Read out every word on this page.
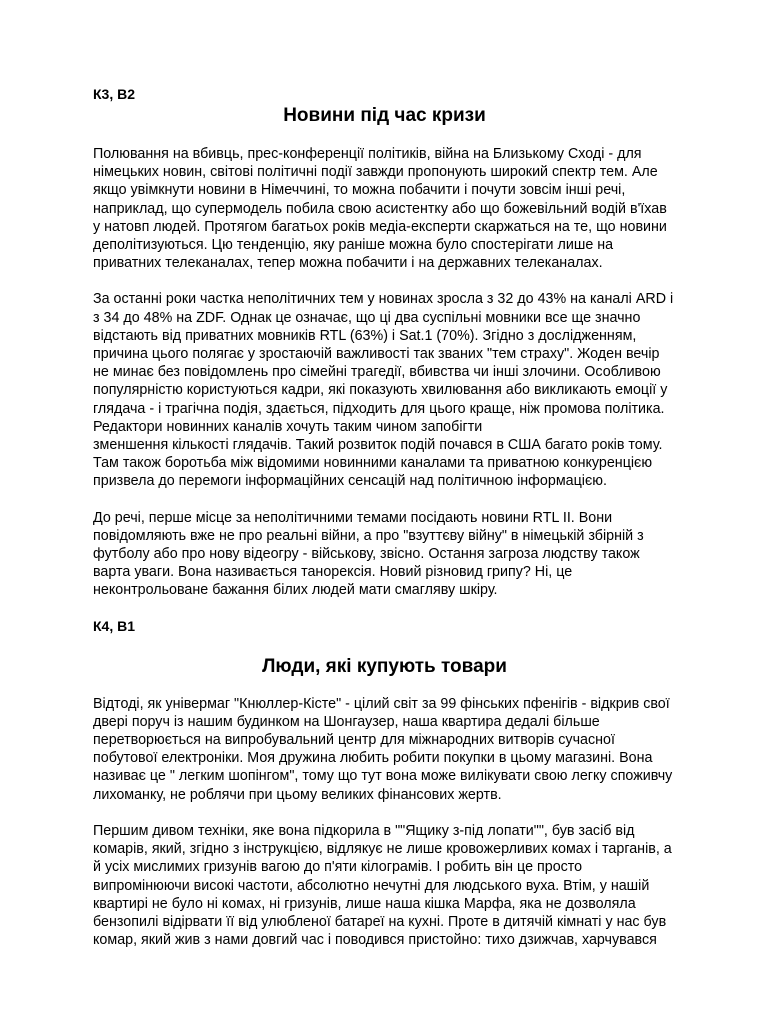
К3, В2

Новини під час кризи

Полювання на вбивць, прес-конференції політиків, війна на Близькому Сході - для
німецьких новин, світові політичні події завжди пропонують широкий спектр тем. Але
якщо увімкнути новини в Німеччині, то можна побачити і почути зовсім інші речі,
наприклад, що супермодель побила свою асистентку або що божевільний водій в'їхав
у натовп людей. Протягом багатьох років медіа-експерти скаржаться на те, що новини
деполітизуються. Цю тенденцію, яку раніше можна було спостерігати лише на
приватних телеканалах, тепер можна побачити і на державних телеканалах.

За останні роки частка неполітичних тем у новинах зросла з 32 до 43% на каналі ARD і
з 34 до 48% на ZDF. Однак це означає, що ці два суспільні мовники все ще значно
відстають від приватних мовників RTL (63%) і Sat.1 (70%). Згідно з дослідженням,
причина цього полягає у зростаючій важливості так званих "тем страху". Жоден вечір
не минає без повідомлень про сімейні трагедії, вбивства чи інші злочини. Особливою
популярністю користуються кадри, які показують хвилювання або викликають емоції у
глядача - і трагічна подія, здається, підходить для цього краще, ніж промова політика.
Редактори новинних каналів хочуть таким чином запобігти
зменшення кількості глядачів. Такий розвиток подій почався в США багато років тому.
Там також боротьба між відомими новинними каналами та приватною конкуренцією
призвела до перемоги інформаційних сенсацій над політичною інформацією.

До речі, перше місце за неполітичними темами посідають новини RTL II. Вони
повідомляють вже не про реальні війни, а про "взуттєву війну" в німецькій збірній з
футболу або про нову відеогру - військову, звісно. Остання загроза людству також
варта уваги. Вона називається танорексія. Новий різновид грипу? Ні, це
неконтрольоване бажання білих людей мати смагляву шкіру.

К4, В1

Люди, які купують товари

Відтоді, як універмаг "Кнюллер-Кісте" - цілий світ за 99 фінських пфенігів - відкрив свої
двері поруч із нашим будинком на Шонгаузер, наша квартира дедалі більше
перетворюється на випробувальний центр для міжнародних витворів сучасної
побутової електроніки. Моя дружина любить робити покупки в цьому магазині. Вона
називає це " легким шопінгом", тому що тут вона може вилікувати свою легку споживчу
лихоманку, не роблячи при цьому великих фінансових жертв.

Першим дивом техніки, яке вона підкорила в ""Ящику з-під лопати"", був засіб від
комарів, який, згідно з інструкцією, відлякує не лише кровожерливих комах і тарганів, а
й усіх мислимих гризунів вагою до п'яти кілограмів. І робить він це просто
випромінюючи високі частоти, абсолютно нечутні для людського вуха. Втім, у нашій
квартирі не було ні комах, ні гризунів, лише наша кішка Марфа, яка не дозволяла
бензопилі відірвати її від улюбленої батареї на кухні. Проте в дитячій кімнаті у нас був
комар, який жив з нами довгий час і поводився пристойно: тихо дзижчав, харчувався
